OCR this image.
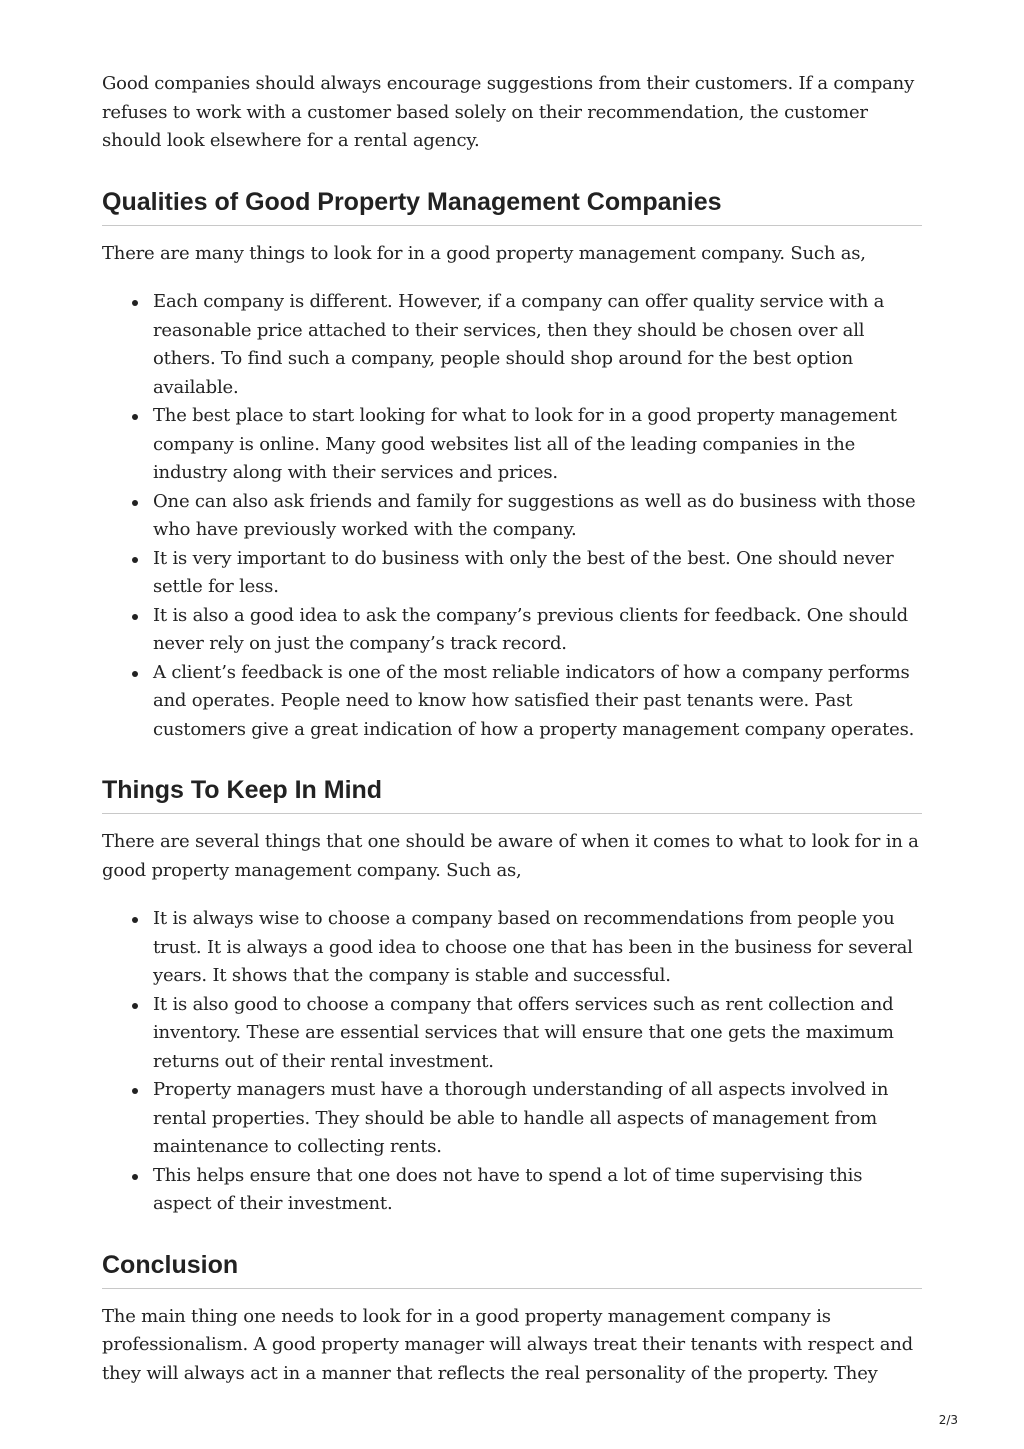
Good companies should always encourage suggestions from their customers. If a company refuses to work with a customer based solely on their recommendation, the customer should look elsewhere for a rental agency.

Qualities of Good Property Management Companies

There are many things to look for in a good property management company. Such as,

Each company is different. However, if a company can offer quality service with a reasonable price attached to their services, then they should be chosen over all others. To find such a company, people should shop around for the best option available.
The best place to start looking for what to look for in a good property management company is online. Many good websites list all of the leading companies in the industry along with their services and prices.
One can also ask friends and family for suggestions as well as do business with those who have previously worked with the company.
It is very important to do business with only the best of the best. One should never settle for less.
It is also a good idea to ask the company’s previous clients for feedback. One should never rely on just the company’s track record.
A client’s feedback is one of the most reliable indicators of how a company performs and operates. People need to know how satisfied their past tenants were. Past customers give a great indication of how a property management company operates.
Things To Keep In Mind

There are several things that one should be aware of when it comes to what to look for in a good property management company. Such as,

It is always wise to choose a company based on recommendations from people you trust. It is always a good idea to choose one that has been in the business for several years. It shows that the company is stable and successful.
It is also good to choose a company that offers services such as rent collection and inventory. These are essential services that will ensure that one gets the maximum returns out of their rental investment.
Property managers must have a thorough understanding of all aspects involved in rental properties. They should be able to handle all aspects of management from maintenance to collecting rents.
This helps ensure that one does not have to spend a lot of time supervising this aspect of their investment.
Conclusion

The main thing one needs to look for in a good property management company is professionalism. A good property manager will always treat their tenants with respect and they will always act in a manner that reflects the real personality of the property. They

2/3
